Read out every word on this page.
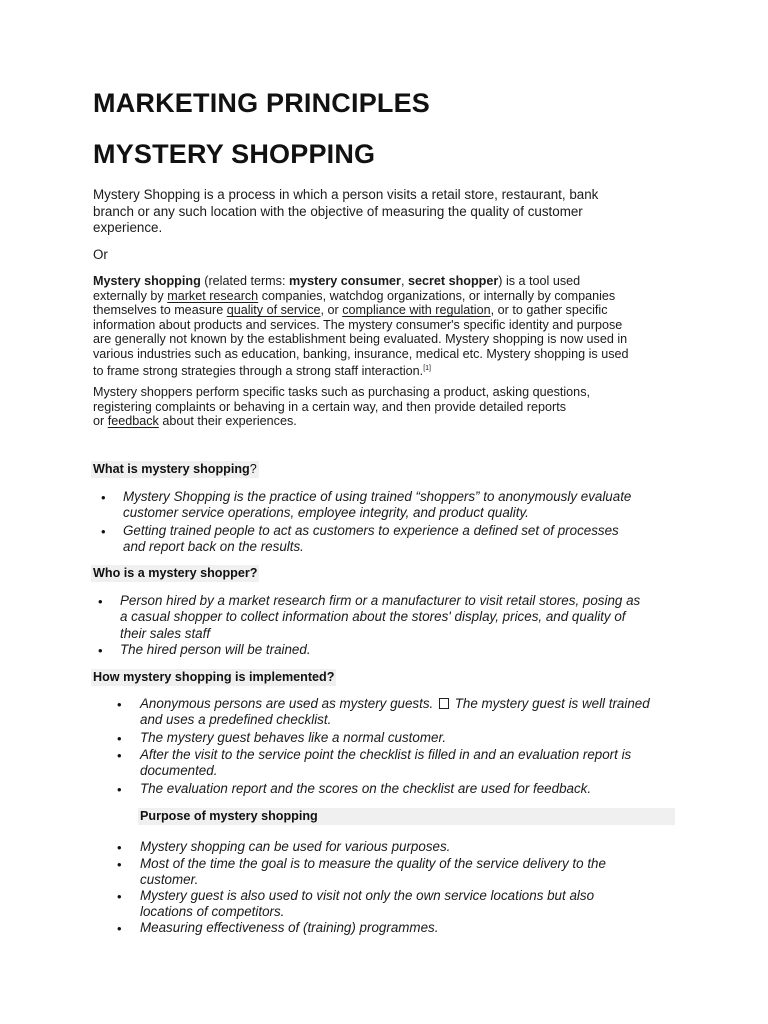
MARKETING PRINCIPLES
MYSTERY SHOPPING
Mystery Shopping is a process in which a person visits a retail store, restaurant, bank
branch or any such location with the objective of measuring the quality of customer
experience.
Or
Mystery shopping (related terms: mystery consumer, secret shopper) is a tool used
externally by market research companies, watchdog organizations, or internally by companies
themselves to measure quality of service, or compliance with regulation, or to gather specific
information about products and services. The mystery consumer's specific identity and purpose
are generally not known by the establishment being evaluated. Mystery shopping is now used in
various industries such as education, banking, insurance, medical etc. Mystery shopping is used
to frame strong strategies through a strong staff interaction.[1]
Mystery shoppers perform specific tasks such as purchasing a product, asking questions,
registering complaints or behaving in a certain way, and then provide detailed reports
or feedback about their experiences.
What is mystery shopping?
• Mystery Shopping is the practice of using trained “shoppers” to anonymously evaluate
customer service operations, employee integrity, and product quality.
• Getting trained people to act as customers to experience a defined set of processes
and report back on the results.
Who is a mystery shopper?
• Person hired by a market research firm or a manufacturer to visit retail stores, posing as
a casual shopper to collect information about the stores' display, prices, and quality of
their sales staff
• The hired person will be trained.
How mystery shopping is implemented?
• Anonymous persons are used as mystery guests. The mystery guest is well trained
and uses a predefined checklist.
• The mystery guest behaves like a normal customer.
• After the visit to the service point the checklist is filled in and an evaluation report is
documented.
• The evaluation report and the scores on the checklist are used for feedback.
Purpose of mystery shopping
• Mystery shopping can be used for various purposes.
• Most of the time the goal is to measure the quality of the service delivery to the
customer.
• Mystery guest is also used to visit not only the own service locations but also
locations of competitors.
• Measuring effectiveness of (training) programmes.
